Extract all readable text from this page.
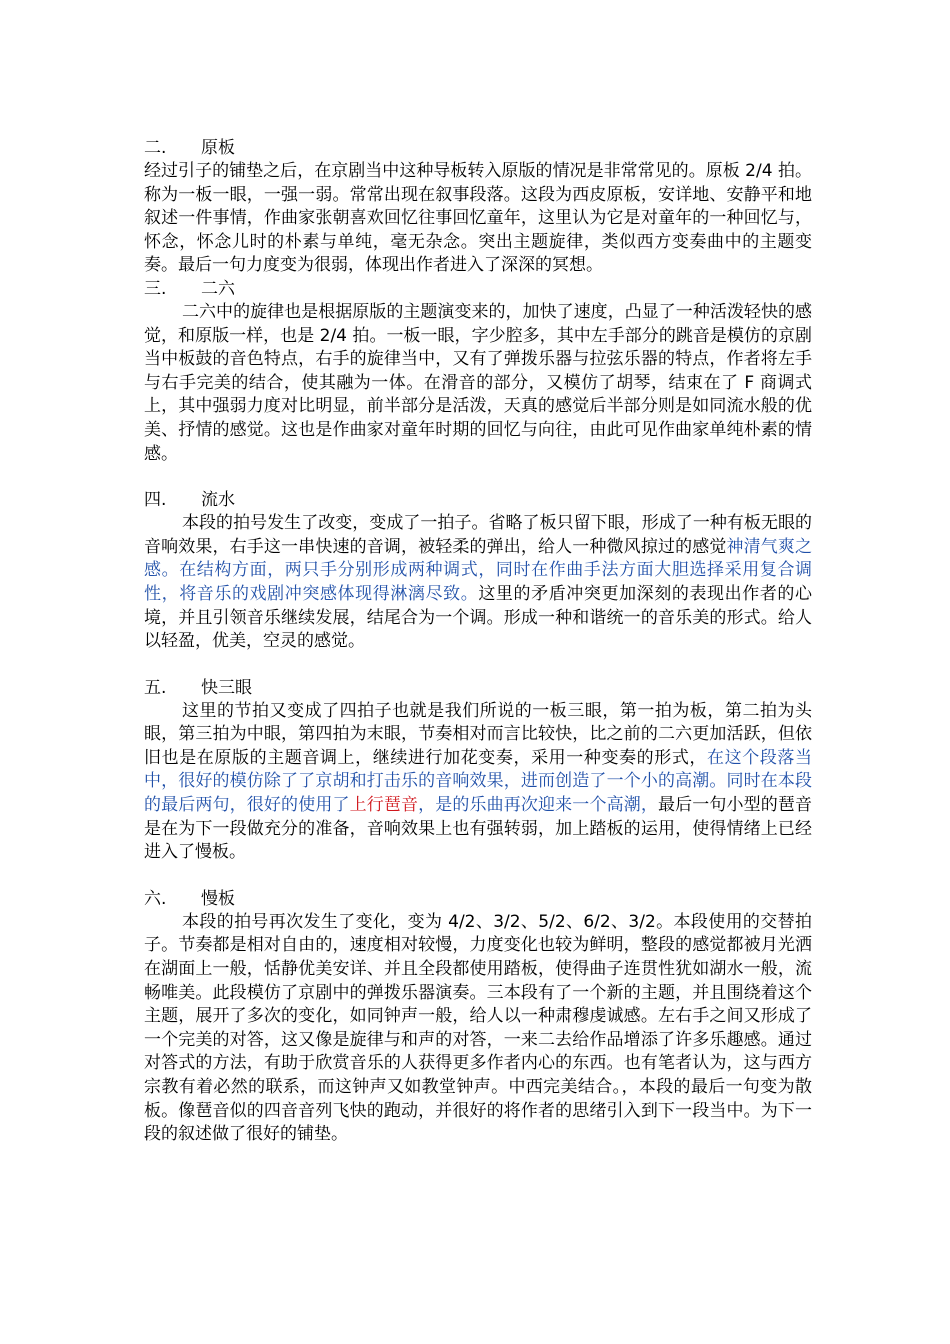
二. 原板

经过引子的铺垫之后，在京剧当中这种导板转入原版的情况是非常常见的。原板 2/4 拍。称为一板一眼，一强一弱。常常出现在叙事段落。这段为西皮原板，安详地、安静平和地叙述一件事情，作曲家张朝喜欢回忆往事回忆童年，这里认为它是对童年的一种回忆与，怀念，怀念儿时的朴素与单纯，毫无杂念。突出主题旋律，类似西方变奏曲中的主题变奏。最后一句力度变为很弱，体现出作者进入了深深的冥想。

三. 二六

二六中的旋律也是根据原版的主题演变来的，加快了速度，凸显了一种活泼轻快的感觉，和原版一样，也是 2/4 拍。一板一眼，字少腔多，其中左手部分的跳音是模仿的京剧当中板鼓的音色特点，右手的旋律当中，又有了弹拨乐器与拉弦乐器的特点，作者将左手与右手完美的结合，使其融为一体。在滑音的部分，又模仿了胡琴，结束在了 F 商调式上，其中强弱力度对比明显，前半部分是活泼，天真的感觉后半部分则是如同流水般的优美、抒情的感觉。这也是作曲家对童年时期的回忆与向往，由此可见作曲家单纯朴素的情感。

四. 流水

本段的拍号发生了改变，变成了一拍子。省略了板只留下眼，形成了一种有板无眼的音响效果，右手这一串快速的音调，被轻柔的弹出，给人一种微风掠过的感觉神清气爽之感。在结构方面，两只手分别形成两种调式，同时在作曲手法方面大胆选择采用复合调性，将音乐的戏剧冲突感体现得淋漓尽致。这里的矛盾冲突更加深刻的表现出作者的心境，并且引领音乐继续发展，结尾合为一个调。形成一种和谐统一的音乐美的形式。给人以轻盈，优美，空灵的感觉。

五. 快三眼

这里的节拍又变成了四拍子也就是我们所说的一板三眼，第一拍为板，第二拍为头眼，第三拍为中眼，第四拍为末眼，节奏相对而言比较快，比之前的二六更加活跃，但依旧也是在原版的主题音调上，继续进行加花变奏，采用一种变奏的形式，在这个段落当中，很好的模仿除了了京胡和打击乐的音响效果，进而创造了一个小的高潮。同时在本段的最后两句，很好的使用了上行琶音，是的乐曲再次迎来一个高潮，最后一句小型的琶音是在为下一段做充分的准备，音响效果上也有强转弱，加上踏板的运用，使得情绪上已经进入了慢板。

六. 慢板

本段的拍号再次发生了变化，变为 4/2、3/2、5/2、6/2、3/2。本段使用的交替拍子。节奏都是相对自由的，速度相对较慢，力度变化也较为鲜明，整段的感觉都被月光洒在湖面上一般，恬静优美安详、并且全段都使用踏板，使得曲子连贯性犹如湖水一般，流畅唯美。此段模仿了京剧中的弹拨乐器演奏。三本段有了一个新的主题，并且围绕着这个主题，展开了多次的变化，如同钟声一般，给人以一种肃穆虔诚感。左右手之间又形成了一个完美的对答，这又像是旋律与和声的对答，一来二去给作品增添了许多乐趣感。通过对答式的方法，有助于欣赏音乐的人获得更多作者内心的东西。也有笔者认为，这与西方宗教有着必然的联系，而这钟声又如教堂钟声。中西完美结合。，本段的最后一句变为散板。像琶音似的四音音列飞快的跑动，并很好的将作者的思绪引入到下一段当中。为下一段的叙述做了很好的铺垫。
